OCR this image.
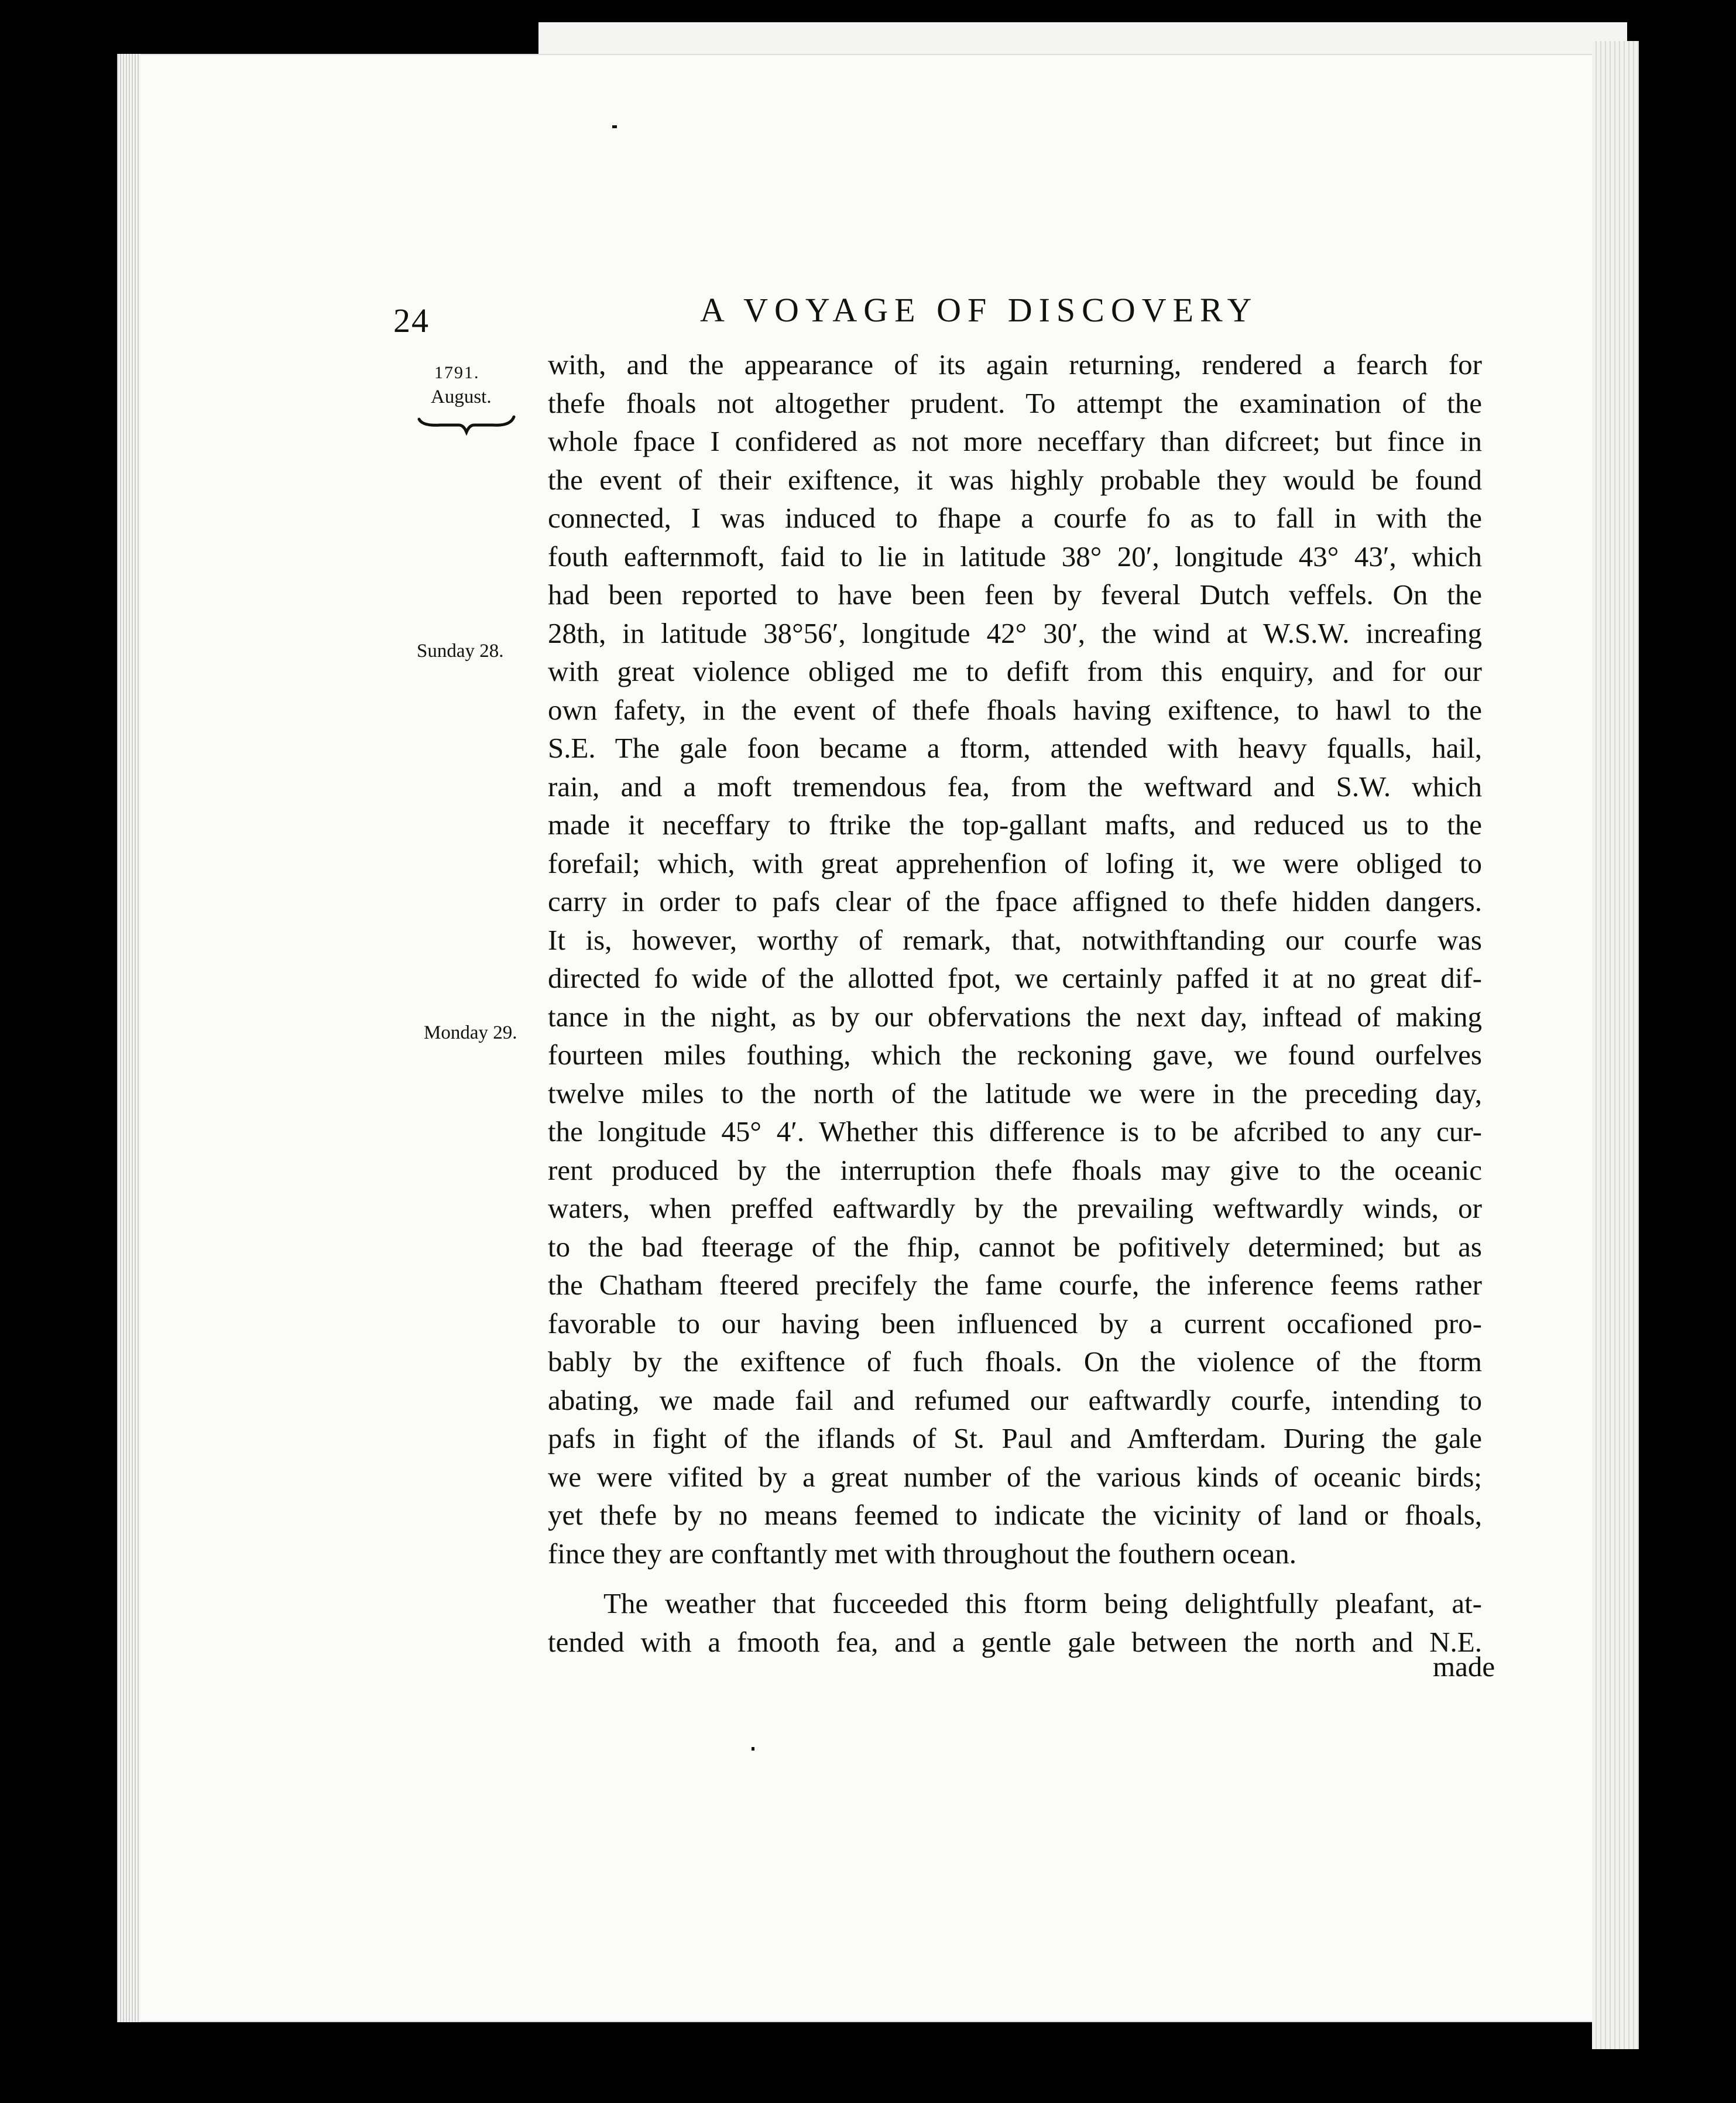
24	A VOYAGE OF DISCOVERY
1791.
August.
Sunday 28.
Monday 29.
with, and the appearance of its again returning, rendered a fearch for
thefe fhoals not altogether prudent. To attempt the examination of the
whole fpace I confidered as not more neceffary than difcreet; but fince in
the event of their exiftence, it was highly probable they would be found
connected, I was induced to fhape a courfe fo as to fall in with the
fouth eafternmoft, faid to lie in latitude 38° 20′, longitude 43° 43′, which
had been reported to have been feen by feveral Dutch veffels. On the
28th, in latitude 38°56′, longitude 42° 30′, the wind at W.S.W. increafing
with great violence obliged me to defift from this enquiry, and for our
own fafety, in the event of thefe fhoals having exiftence, to hawl to the
S.E. The gale foon became a ftorm, attended with heavy fqualls, hail,
rain, and a moft tremendous fea, from the weftward and S.W. which
made it neceffary to ftrike the top-gallant mafts, and reduced us to the
forefail; which, with great apprehenfion of lofing it, we were obliged to
carry in order to pafs clear of the fpace affigned to thefe hidden dangers.
It is, however, worthy of remark, that, notwithftanding our courfe was
directed fo wide of the allotted fpot, we certainly paffed it at no great dif-
tance in the night, as by our obfervations the next day, inftead of making
fourteen miles fouthing, which the reckoning gave, we found ourfelves
twelve miles to the north of the latitude we were in the preceding day,
the longitude 45° 4′. Whether this difference is to be afcribed to any cur-
rent produced by the interruption thefe fhoals may give to the oceanic
waters, when preffed eaftwardly by the prevailing weftwardly winds, or
to the bad fteerage of the fhip, cannot be pofitively determined; but as
the Chatham fteered precifely the fame courfe, the inference feems rather
favorable to our having been influenced by a current occafioned pro-
bably by the exiftence of fuch fhoals. On the violence of the ftorm
abating, we made fail and refumed our eaftwardly courfe, intending to
pafs in fight of the iflands of St. Paul and Amfterdam. During the gale
we were vifited by a great number of the various kinds of oceanic birds;
yet thefe by no means feemed to indicate the vicinity of land or fhoals,
fince they are conftantly met with throughout the fouthern ocean.
The weather that fucceeded this ftorm being delightfully pleafant, at-
tended with a fmooth fea, and a gentle gale between the north and N.E.
made
